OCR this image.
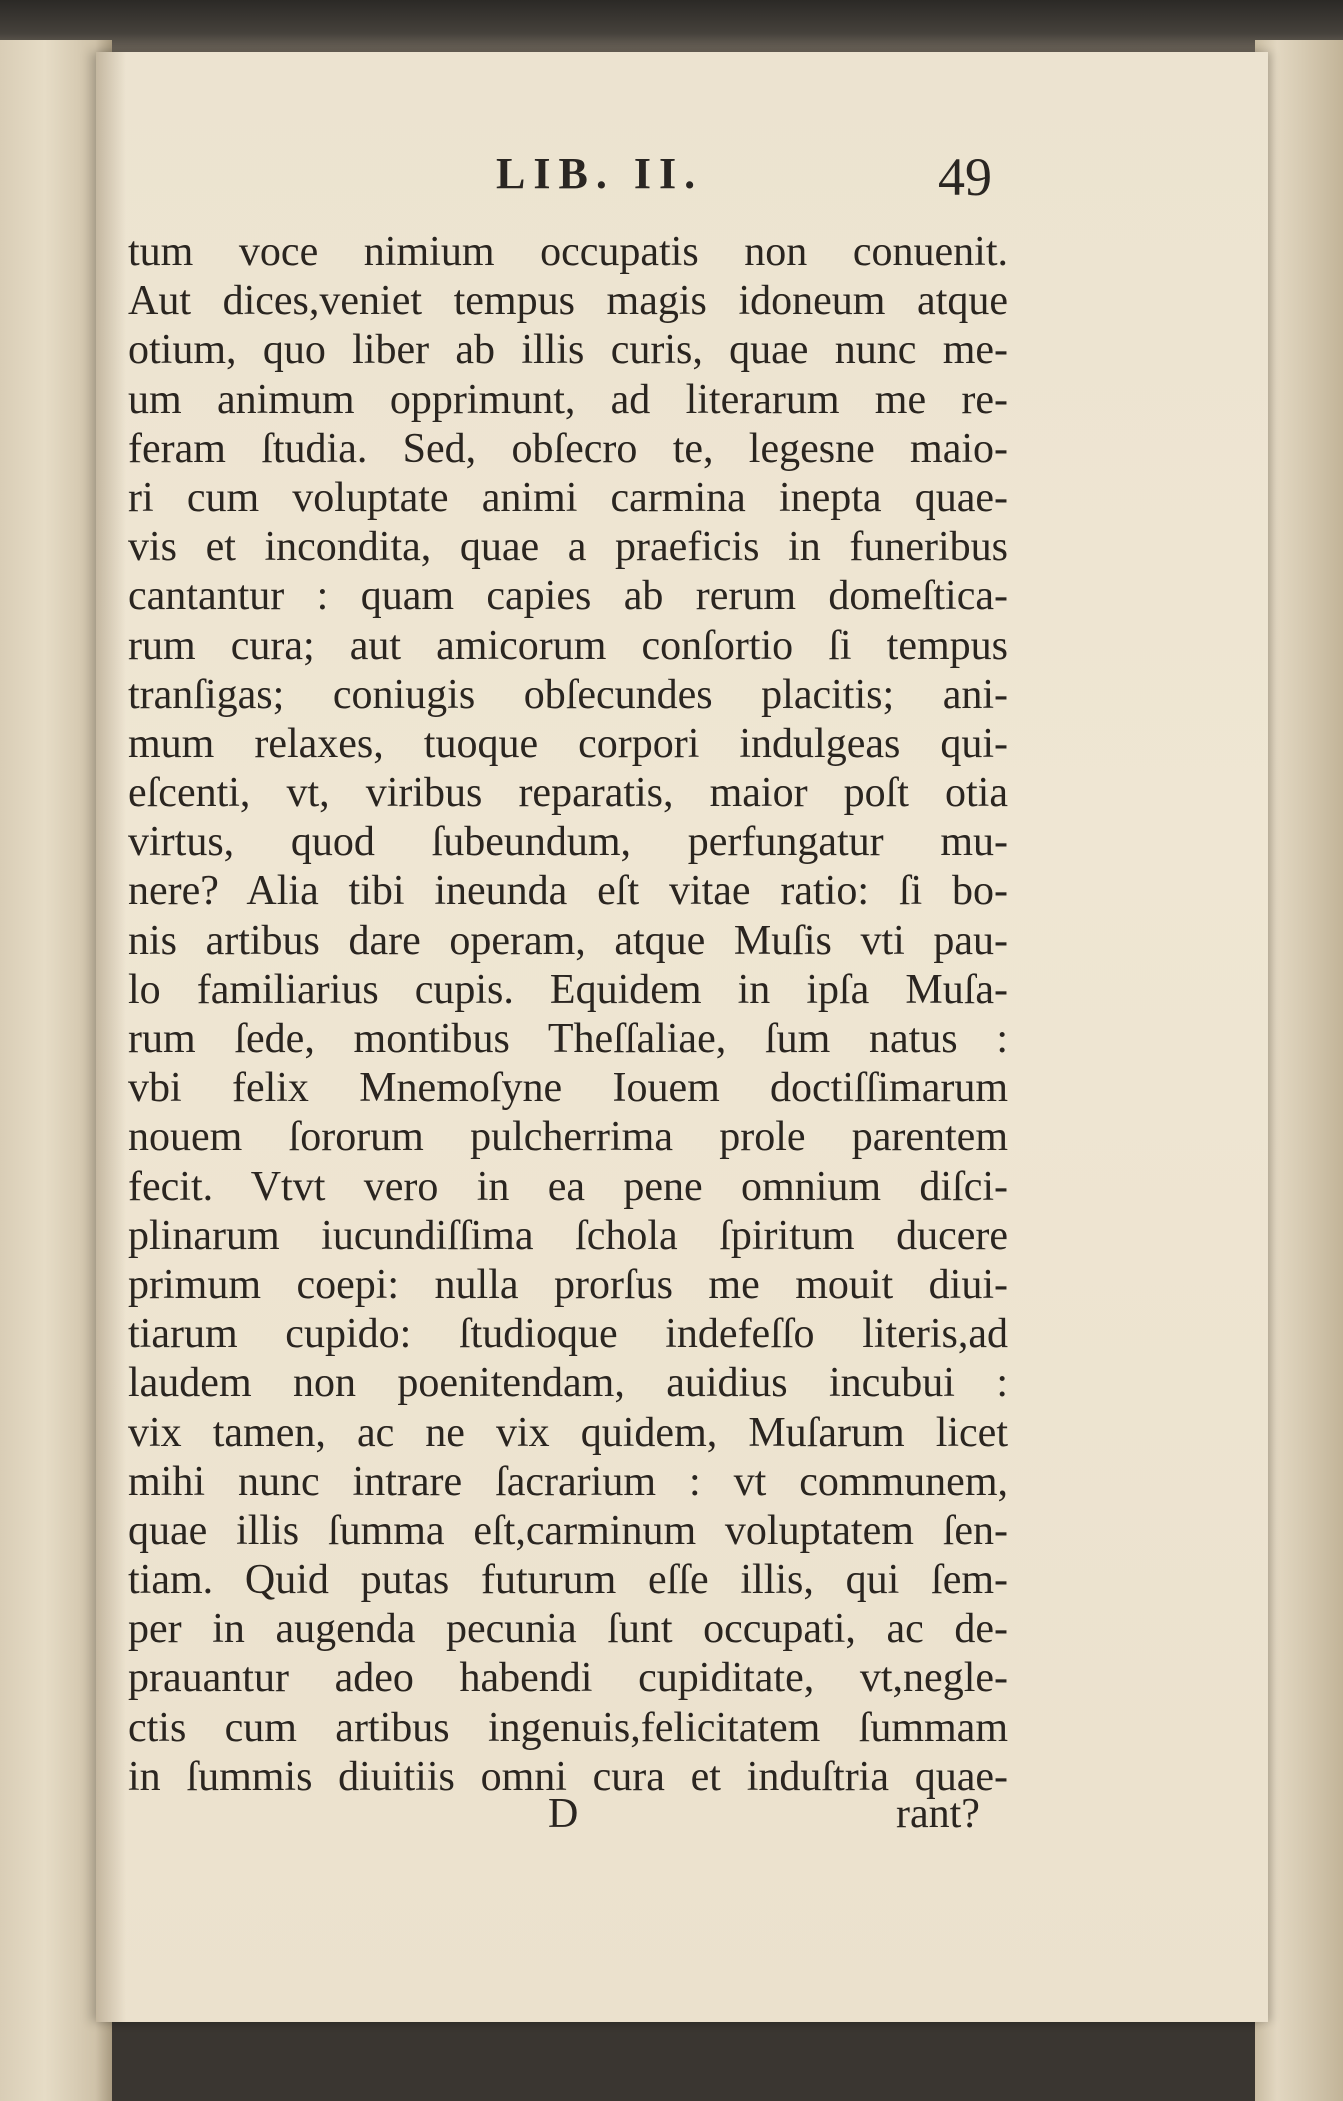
LIB. II.	49
tum voce nimium occupatis non conuenit.
Aut dices,veniet tempus magis idoneum atque
otium, quo liber ab illis curis, quae nunc me-
um animum opprimunt, ad literarum me re-
feram ſtudia. Sed, obſecro te, legesne maio-
ri cum voluptate animi carmina inepta quae-
vis et incondita, quae a praeficis in funeribus
cantantur : quam capies ab rerum domeſtica-
rum cura; aut amicorum conſortio ſi tempus
tranſigas; coniugis obſecundes placitis; ani-
mum relaxes, tuoque corpori indulgeas qui-
eſcenti, vt, viribus reparatis, maior poſt otia
virtus, quod ſubeundum, perfungatur mu-
nere? Alia tibi ineunda eſt vitae ratio: ſi bo-
nis artibus dare operam, atque Muſis vti pau-
lo familiarius cupis. Equidem in ipſa Muſa-
rum ſede, montibus Theſſaliae, ſum natus :
vbi felix Mnemoſyne Iouem doctiſſimarum
nouem ſororum pulcherrima prole parentem
fecit. Vtvt vero in ea pene omnium diſci-
plinarum iucundiſſima ſchola ſpiritum ducere
primum coepi: nulla prorſus me mouit diui-
tiarum cupido: ſtudioque indefeſſo literis,ad
laudem non poenitendam, auidius incubui :
vix tamen, ac ne vix quidem, Muſarum licet
mihi nunc intrare ſacrarium : vt communem,
quae illis ſumma eſt,carminum voluptatem ſen-
tiam. Quid putas futurum eſſe illis, qui ſem-
per in augenda pecunia ſunt occupati, ac de-
prauantur adeo habendi cupiditate, vt,negle-
ctis cum artibus ingenuis,felicitatem ſummam
in ſummis diuitiis omni cura et induſtria quae-
D	rant?
